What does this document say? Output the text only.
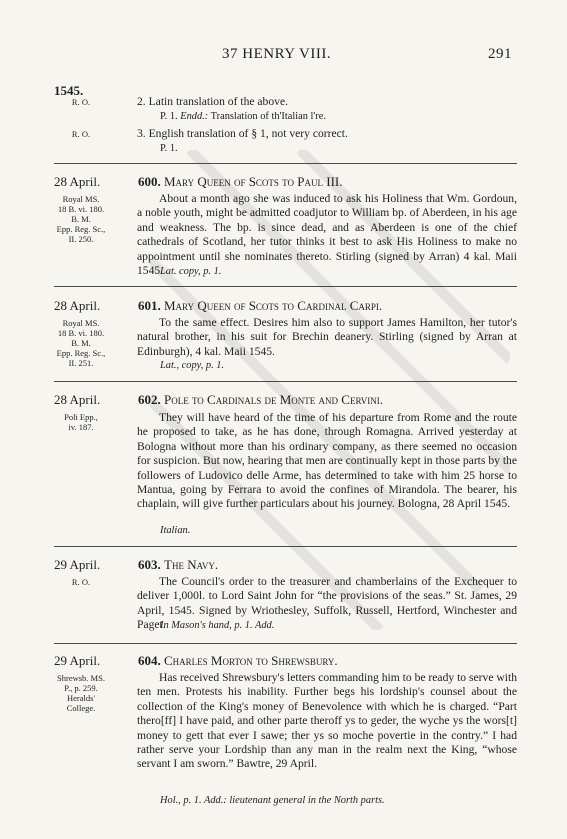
37 HENRY VIII.	291
1545.
R. O.	2. Latin translation of the above.
P. 1. Endd.: Translation of th'Italian l're.
R. O.	3. English translation of § 1, not very correct.
P. 1.
28 April.	600. Mary Queen of Scots to Paul III.
Royal MS.
18 B. vi. 180.
B. M.
Epp. Reg. Sc.,
II. 250.
About a month ago she was induced to ask his Holiness that Wm. Gordoun, a noble youth, might be admitted coadjutor to William bp. of Aberdeen, in his age and weakness. The bp. is since dead, and as Aberdeen is one of the chief cathedrals of Scotland, her tutor thinks it best to ask His Holiness to make no appointment until she nominates thereto. Stirling (signed by Arran) 4 kal. Maii 1545.
Lat. copy, p. 1.
28 April.	601. Mary Queen of Scots to Cardinal Carpi.
Royal MS.
18 B. vi. 180.
B. M.
Epp. Reg. Sc.,
II. 251.
To the same effect. Desires him also to support James Hamilton, her tutor's natural brother, in his suit for Brechin deanery. Stirling (signed by Arran at Edinburgh), 4 kal. Maii 1545.
Lat., copy, p. 1.
28 April.	602. Pole to Cardinals de Monte and Cervini.
Poli Epp.,
iv. 187.
They will have heard of the time of his departure from Rome and the route he proposed to take, as he has done, through Romagna. Arrived yesterday at Bologna without more than his ordinary company, as there seemed no occasion for suspicion. But now, hearing that men are continually kept in those parts by the followers of Ludovico delle Arme, has determined to take with him 25 horse to Mantua, going by Ferrara to avoid the confines of Mirandola. The bearer, his chaplain, will give further particulars about his journey. Bologna, 28 April 1545.
Italian.
29 April.	603. The Navy.
R. O.	The Council's order to the treasurer and chamberlains of the Exchequer to deliver 1,000l. to Lord Saint John for “the provisions of the seas.” St. James, 29 April, 1545. Signed by Wriothesley, Suffolk, Russell, Hertford, Winchester and Paget.
In Mason's hand, p. 1. Add.
29 April.	604. Charles Morton to Shrewsbury.
Shrewsb. MS.
P., p. 259.
Heralds'
College.
Has received Shrewsbury's letters commanding him to be ready to serve with ten men. Protests his inability. Further begs his lordship's counsel about the collection of the King's money of Benevolence with which he is charged. “Part thero[ff] I have paid, and other parte theroff ys to geder, the wyche ys the wors[t] money to gett that ever I sawe; ther ys so moche povertie in the contry.” I had rather serve your Lordship than any man in the realm next the King, “whose servant I am sworn.” Bawtre, 29 April.
Hol., p. 1. Add.: lieutenant general in the North parts.
